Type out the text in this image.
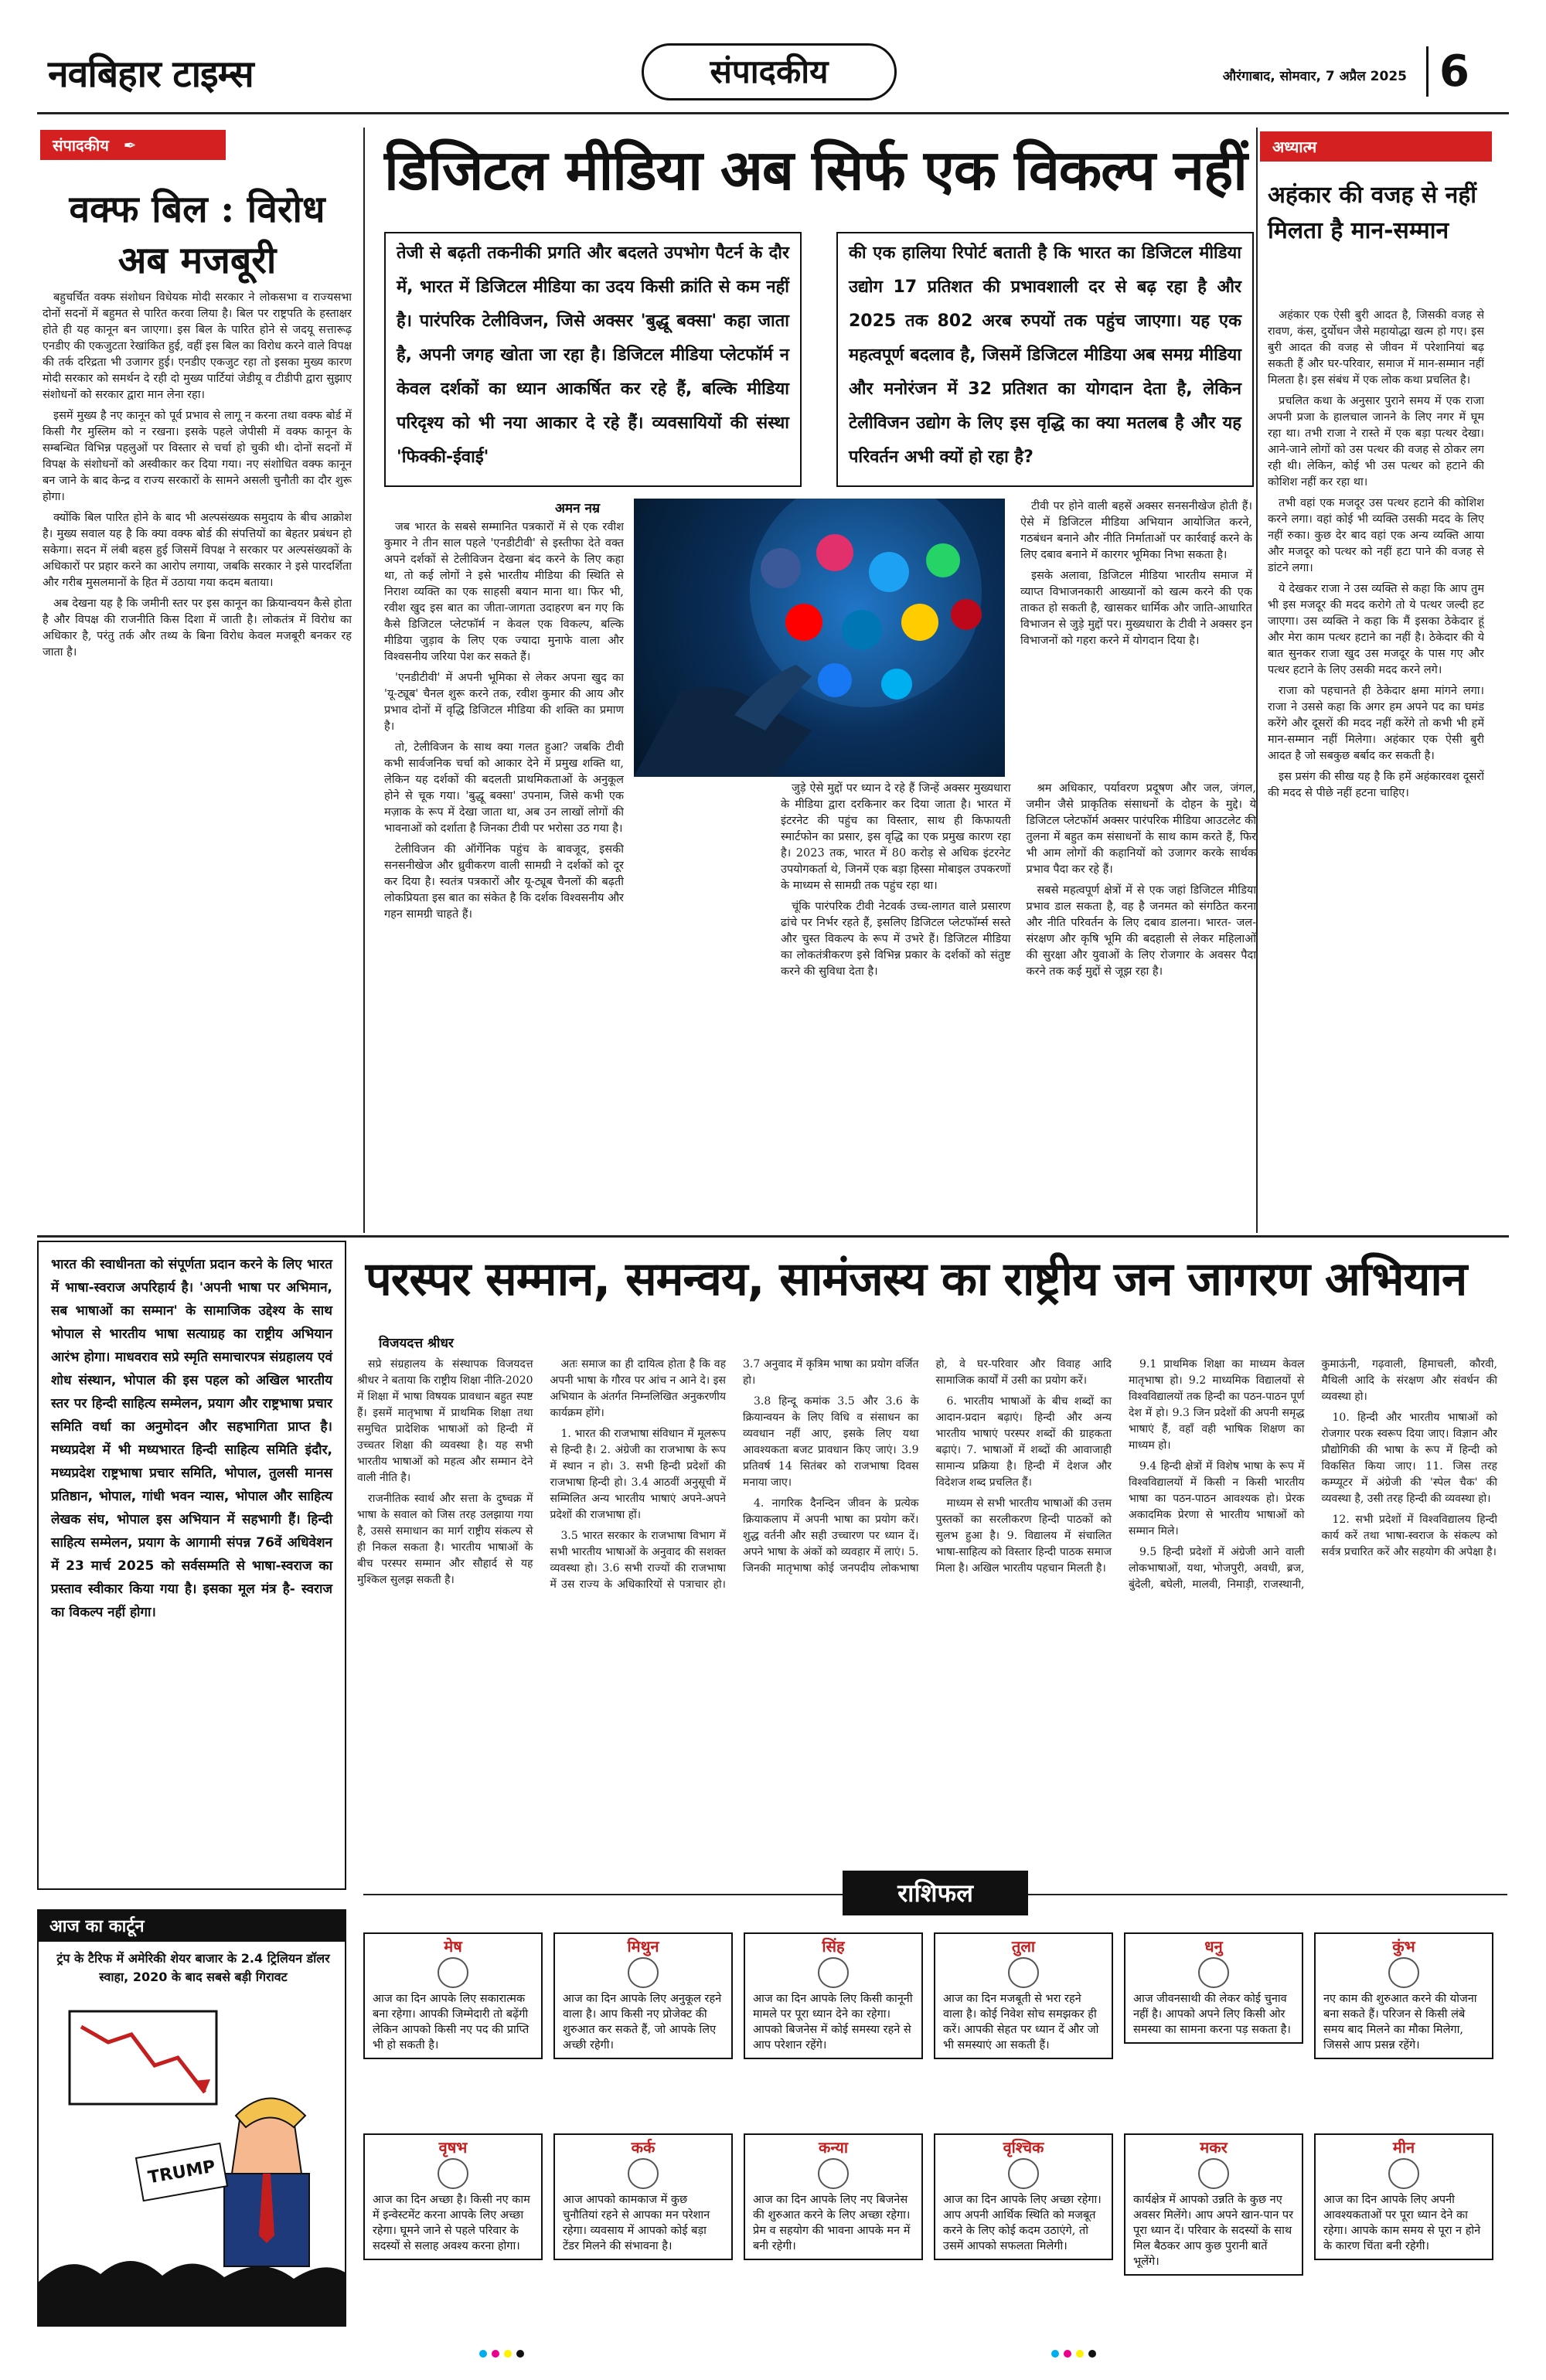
नवबिहार टाइम्स	संपादकीय	औरंगाबाद, सोमवार, 7 अप्रैल 2025 6
संपादकीय ✒
वक्फ बिल : विरोध अब मजबूरी

बहुचर्चित वक्फ संशोधन विधेयक मोदी सरकार ने लोकसभा व राज्यसभा दोनों सदनों में बहुमत से पारित करवा लिया है। बिल पर राष्ट्रपति के हस्ताक्षर होते ही यह कानून बन जाएगा। इस बिल के पारित होने से जदयू सत्तारूढ़ एनडीए की एकजुटता रेखांकित हुई, वहीं इस बिल का विरोध करने वाले विपक्ष की तर्क दरिद्रता भी उजागर हुई। एनडीए एकजुट रहा तो इसका मुख्य कारण मोदी सरकार को समर्थन दे रही दो मुख्य पार्टियां जेडीयू व टीडीपी द्वारा सुझाए संशोधनों को सरकार द्वारा मान लेना रहा।

इसमें मुख्य है नए कानून को पूर्व प्रभाव से लागू न करना तथा वक्फ बोर्ड में किसी गैर मुस्लिम को न रखना। इसके पहले जेपीसी में वक्फ कानून के सम्बन्धित विभिन्न पहलुओं पर विस्तार से चर्चा हो चुकी थी। दोनों सदनों में विपक्ष के संशोधनों को अस्वीकार कर दिया गया। नए संशोधित वक्फ कानून बन जाने के बाद केन्द्र व राज्य सरकारों के सामने असली चुनौती का दौर शुरू होगा।

क्योंकि बिल पारित होने के बाद भी अल्पसंख्यक समुदाय के बीच आक्रोश है। मुख्य सवाल यह है कि क्या वक्फ बोर्ड की संपत्तियों का बेहतर प्रबंधन हो सकेगा। सदन में लंबी बहस हुई जिसमें विपक्ष ने सरकार पर अल्पसंख्यकों के अधिकारों पर प्रहार करने का आरोप लगाया, जबकि सरकार ने इसे पारदर्शिता और गरीब मुसलमानों के हित में उठाया गया कदम बताया।

अब देखना यह है कि जमीनी स्तर पर इस कानून का क्रियान्वयन कैसे होता है और विपक्ष की राजनीति किस दिशा में जाती है। लोकतंत्र में विरोध का अधिकार है, परंतु तर्क और तथ्य के बिना विरोध केवल मजबूरी बनकर रह जाता है।

डिजिटल मीडिया अब सिर्फ एक विकल्प नहीं
तेजी से बढ़ती तकनीकी प्रगति और बदलते उपभोग पैटर्न के दौर में, भारत में डिजिटल मीडिया का उदय किसी क्रांति से कम नहीं है। पारंपरिक टेलीविजन, जिसे अक्सर 'बुद्धू बक्सा' कहा जाता है, अपनी जगह खोता जा रहा है। डिजिटल मीडिया प्लेटफॉर्म न केवल दर्शकों का ध्यान आकर्षित कर रहे हैं, बल्कि मीडिया परिदृश्य को भी नया आकार दे रहे हैं। व्यवसायियों की संस्था 'फिक्की-ईवाई'
की एक हालिया रिपोर्ट बताती है कि भारत का डिजिटल मीडिया उद्योग 17 प्रतिशत की प्रभावशाली दर से बढ़ रहा है और 2025 तक 802 अरब रुपयों तक पहुंच जाएगा। यह एक महत्वपूर्ण बदलाव है, जिसमें डिजिटल मीडिया अब समग्र मीडिया और मनोरंजन में 32 प्रतिशत का योगदान देता है, लेकिन टेलीविजन उद्योग के लिए इस वृद्धि का क्या मतलब है और यह परिवर्तन अभी क्यों हो रहा है?
अमन नम्र

जब भारत के सबसे सम्मानित पत्रकारों में से एक रवीश कुमार ने तीन साल पहले 'एनडीटीवी' से इस्तीफा देते वक्त अपने दर्शकों से टेलीविजन देखना बंद करने के लिए कहा था, तो कई लोगों ने इसे भारतीय मीडिया की स्थिति से निराश व्यक्ति का एक साहसी बयान माना था। फिर भी, रवीश खुद इस बात का जीता-जागता उदाहरण बन गए कि कैसे डिजिटल प्लेटफॉर्म न केवल एक विकल्प, बल्कि मीडिया जुड़ाव के लिए एक ज्यादा मुनाफे वाला और विश्वसनीय जरिया पेश कर सकते हैं।

'एनडीटीवी' में अपनी भूमिका से लेकर अपना खुद का 'यू-ट्यूब' चैनल शुरू करने तक, रवीश कुमार की आय और प्रभाव दोनों में वृद्धि डिजिटल मीडिया की शक्ति का प्रमाण है।

तो, टेलीविजन के साथ क्या गलत हुआ? जबकि टीवी कभी सार्वजनिक चर्चा को आकार देने में प्रमुख शक्ति था, लेकिन यह दर्शकों की बदलती प्राथमिकताओं के अनुकूल होने से चूक गया। 'बुद्धू बक्सा' उपनाम, जिसे कभी एक मज़ाक के रूप में देखा जाता था, अब उन लाखों लोगों की भावनाओं को दर्शाता है जिनका टीवी पर भरोसा उठ गया है।

टेलीविजन की ऑर्गेनिक पहुंच के बावजूद, इसकी सनसनीखेज और ध्रुवीकरण वाली सामग्री ने दर्शकों को दूर कर दिया है। स्वतंत्र पत्रकारों और यू-ट्यूब चैनलों की बढ़ती लोकप्रियता इस बात का संकेत है कि दर्शक विश्वसनीय और गहन सामग्री चाहते हैं।

टीवी पर होने वाली बहसें अक्सर सनसनीखेज होती हैं। ऐसे में डिजिटल मीडिया अभियान आयोजित करने, गठबंधन बनाने और नीति निर्माताओं पर कार्रवाई करने के लिए दबाव बनाने में कारगर भूमिका निभा सकता है।

इसके अलावा, डिजिटल मीडिया भारतीय समाज में व्याप्त विभाजनकारी आख्यानों को खत्म करने की एक ताकत हो सकती है, खासकर धार्मिक और जाति-आधारित विभाजन से जुड़े मुद्दों पर। मुख्यधारा के टीवी ने अक्सर इन विभाजनों को गहरा करने में योगदान दिया है।

जुड़े ऐसे मुद्दों पर ध्यान दे रहे हैं जिन्हें अक्सर मुख्यधारा के मीडिया द्वारा दरकिनार कर दिया जाता है। भारत में इंटरनेट की पहुंच का विस्तार, साथ ही किफायती स्मार्टफोन का प्रसार, इस वृद्धि का एक प्रमुख कारण रहा है। 2023 तक, भारत में 80 करोड़ से अधिक इंटरनेट उपयोगकर्ता थे, जिनमें एक बड़ा हिस्सा मोबाइल उपकरणों के माध्यम से सामग्री तक पहुंच रहा था।

चूंकि पारंपरिक टीवी नेटवर्क उच्च-लागत वाले प्रसारण ढांचे पर निर्भर रहते हैं, इसलिए डिजिटल प्लेटफॉर्म्स सस्ते और चुस्त विकल्प के रूप में उभरे हैं। डिजिटल मीडिया का लोकतंत्रीकरण इसे विभिन्न प्रकार के दर्शकों को संतुष्ट करने की सुविधा देता है।

श्रम अधिकार, पर्यावरण प्रदूषण और जल, जंगल, जमीन जैसे प्राकृतिक संसाधनों के दोहन के मुद्दे। ये डिजिटल प्लेटफॉर्म अक्सर पारंपरिक मीडिया आउटलेट की तुलना में बहुत कम संसाधनों के साथ काम करते हैं, फिर भी आम लोगों की कहानियों को उजागर करके सार्थक प्रभाव पैदा कर रहे हैं।

सबसे महत्वपूर्ण क्षेत्रों में से एक जहां डिजिटल मीडिया प्रभाव डाल सकता है, वह है जनमत को संगठित करना और नीति परिवर्तन के लिए दबाव डालना। भारत- जल-संरक्षण और कृषि भूमि की बदहाली से लेकर महिलाओं की सुरक्षा और युवाओं के लिए रोजगार के अवसर पैदा करने तक कई मुद्दों से जूझ रहा है।

अध्यात्म
अहंकार की वजह से नहीं मिलता है मान-सम्मान

अहंकार एक ऐसी बुरी आदत है, जिसकी वजह से रावण, कंस, दुर्योधन जैसे महायोद्धा खत्म हो गए। इस बुरी आदत की वजह से जीवन में परेशानियां बढ़ सकती हैं और घर-परिवार, समाज में मान-सम्मान नहीं मिलता है। इस संबंध में एक लोक कथा प्रचलित है।

प्रचलित कथा के अनुसार पुराने समय में एक राजा अपनी प्रजा के हालचाल जानने के लिए नगर में घूम रहा था। तभी राजा ने रास्ते में एक बड़ा पत्थर देखा। आने-जाने लोगों को उस पत्थर की वजह से ठोकर लग रही थी। लेकिन, कोई भी उस पत्थर को हटाने की कोशिश नहीं कर रहा था।

तभी वहां एक मजदूर उस पत्थर हटाने की कोशिश करने लगा। वहां कोई भी व्यक्ति उसकी मदद के लिए नहीं रुका। कुछ देर बाद वहां एक अन्य व्यक्ति आया और मजदूर को पत्थर को नहीं हटा पाने की वजह से डांटने लगा।

ये देखकर राजा ने उस व्यक्ति से कहा कि आप तुम भी इस मजदूर की मदद करोगे तो ये पत्थर जल्दी हट जाएगा। उस व्यक्ति ने कहा कि मैं इसका ठेकेदार हूं और मेरा काम पत्थर हटाने का नहीं है। ठेकेदार की ये बात सुनकर राजा खुद उस मजदूर के पास गए और पत्थर हटाने के लिए उसकी मदद करने लगे।

राजा को पहचानते ही ठेकेदार क्षमा मांगने लगा। राजा ने उससे कहा कि अगर हम अपने पद का घमंड करेंगे और दूसरों की मदद नहीं करेंगे तो कभी भी हमें मान-सम्मान नहीं मिलेगा। अहंकार एक ऐसी बुरी आदत है जो सबकुछ बर्बाद कर सकती है।

इस प्रसंग की सीख यह है कि हमें अहंकारवश दूसरों की मदद से पीछे नहीं हटना चाहिए।

भारत की स्वाधीनता को संपूर्णता प्रदान करने के लिए भारत में भाषा-स्वराज अपरिहार्य है। 'अपनी भाषा पर अभिमान, सब भाषाओं का सम्मान' के सामाजिक उद्देश्य के साथ भोपाल से भारतीय भाषा सत्याग्रह का राष्ट्रीय अभियान आरंभ होगा। माधवराव सप्रे स्मृति समाचारपत्र संग्रहालय एवं शोध संस्थान, भोपाल की इस पहल को अखिल भारतीय स्तर पर हिन्दी साहित्य सम्मेलन, प्रयाग और राष्ट्रभाषा प्रचार समिति वर्धा का अनुमोदन और सहभागिता प्राप्त है। मध्यप्रदेश में भी मध्यभारत हिन्दी साहित्य समिति इंदौर, मध्यप्रदेश राष्ट्रभाषा प्रचार समिति, भोपाल, तुलसी मानस प्रतिष्ठान, भोपाल, गांधी भवन न्यास, भोपाल और साहित्य लेखक संघ, भोपाल इस अभियान में सहभागी हैं। हिन्दी साहित्य सम्मेलन, प्रयाग के आगामी संपन्न 76वें अधिवेशन में 23 मार्च 2025 को सर्वसम्मति से भाषा-स्वराज का प्रस्ताव स्वीकार किया गया है। इसका मूल मंत्र है- स्वराज का विकल्प नहीं होगा।
परस्पर सम्मान, समन्वय, सामंजस्य का राष्ट्रीय जन जागरण अभियान
विजयदत्त श्रीधर

सप्रे संग्रहालय के संस्थापक विजयदत्त श्रीधर ने बताया कि राष्ट्रीय शिक्षा नीति-2020 में शिक्षा में भाषा विषयक प्रावधान बहुत स्पष्ट हैं। इसमें मातृभाषा में प्राथमिक शिक्षा तथा समुचित प्रादेशिक भाषाओं को हिन्दी में उच्चतर शिक्षा की व्यवस्था है। यह सभी भारतीय भाषाओं को महत्व और सम्मान देने वाली नीति है।

राजनीतिक स्वार्थ और सत्ता के दुष्चक्र में भाषा के सवाल को जिस तरह उलझाया गया है, उससे समाधान का मार्ग राष्ट्रीय संकल्प से ही निकल सकता है। भारतीय भाषाओं के बीच परस्पर सम्मान और सौहार्द से यह मुश्किल सुलझ सकती है।

अतः समाज का ही दायित्व होता है कि वह अपनी भाषा के गौरव पर आंच न आने दे। इस अभियान के अंतर्गत निम्नलिखित अनुकरणीय कार्यक्रम होंगे।

1. भारत की राजभाषा संविधान में मूलरूप से हिन्दी है। 2. अंग्रेजी का राजभाषा के रूप में स्थान न हो। 3. सभी हिन्दी प्रदेशों की राजभाषा हिन्दी हो। 3.4 आठवीं अनुसूची में सम्मिलित अन्य भारतीय भाषाएं अपने-अपने प्रदेशों की राजभाषा हों।

3.5 भारत सरकार के राजभाषा विभाग में सभी भारतीय भाषाओं के अनुवाद की सशक्त व्यवस्था हो। 3.6 सभी राज्यों की राजभाषा में उस राज्य के अधिकारियों से पत्राचार हो। 3.7 अनुवाद में कृत्रिम भाषा का प्रयोग वर्जित हो।

3.8 हिन्दू कमांक 3.5 और 3.6 के क्रियान्वयन के लिए विधि व संसाधन का व्यवधान नहीं आए, इसके लिए यथा आवश्यकता बजट प्रावधान किए जाएं। 3.9 प्रतिवर्ष 14 सितंबर को राजभाषा दिवस मनाया जाए।

4. नागरिक दैनन्दिन जीवन के प्रत्येक क्रियाकलाप में अपनी भाषा का प्रयोग करें। शुद्ध वर्तनी और सही उच्चारण पर ध्यान दें। अपने भाषा के अंकों को व्यवहार में लाएं। 5. जिनकी मातृभाषा कोई जनपदीय लोकभाषा हो, वे घर-परिवार और विवाह आदि सामाजिक कार्यों में उसी का प्रयोग करें।

6. भारतीय भाषाओं के बीच शब्दों का आदान-प्रदान बढ़ाएं। हिन्दी और अन्य भारतीय भाषाएं परस्पर शब्दों की ग्राहकता बढ़ाएं। 7. भाषाओं में शब्दों की आवाजाही सामान्य प्रक्रिया है। हिन्दी में देशज और विदेशज शब्द प्रचलित हैं।

माध्यम से सभी भारतीय भाषाओं की उत्तम पुस्तकों का सरलीकरण हिन्दी पाठकों को सुलभ हुआ है। 9. विद्यालय में संचालित भाषा-साहित्य को विस्तार हिन्दी पाठक समाज मिला है। अखिल भारतीय पहचान मिलती है।

9.1 प्राथमिक शिक्षा का माध्यम केवल मातृभाषा हो। 9.2 माध्यमिक विद्यालयों से विश्वविद्यालयों तक हिन्दी का पठन-पाठन पूर्ण देश में हो। 9.3 जिन प्रदेशों की अपनी समृद्ध भाषाएं हैं, वहाँ वही भाषिक शिक्षण का माध्यम हो।

9.4 हिन्दी क्षेत्रों में विशेष भाषा के रूप में विश्वविद्यालयों में किसी न किसी भारतीय भाषा का पठन-पाठन आवश्यक हो। प्रेरक अकादमिक प्रेरणा से भारतीय भाषाओं को सम्मान मिले।

9.5 हिन्दी प्रदेशों में अंग्रेजी आने वाली लोकभाषाओं, यथा, भोजपुरी, अवधी, ब्रज, बुंदेली, बघेली, मालवी, निमाड़ी, राजस्थानी, कुमाऊंनी, गढ़वाली, हिमाचली, कौरवी, मैथिली आदि के संरक्षण और संवर्धन की व्यवस्था हो।

10. हिन्दी और भारतीय भाषाओं को रोजगार परक स्वरूप दिया जाए। विज्ञान और प्रौद्योगिकी की भाषा के रूप में हिन्दी को विकसित किया जाए। 11. जिस तरह कम्प्यूटर में अंग्रेजी की 'स्पेल चैक' की व्यवस्था है, उसी तरह हिन्दी की व्यवस्था हो।

12. सभी प्रदेशों में विश्वविद्यालय हिन्दी कार्य करें तथा भाषा-स्वराज के संकल्प को सर्वत्र प्रचारित करें और सहयोग की अपेक्षा है।

आज का कार्टून
ट्रंप के टैरिफ में अमेरिकी शेयर बाजार के 2.4 ट्रिलियन डॉलर स्वाहा, 2020 के बाद सबसे बड़ी गिरावट
TRUMP
राशिफल
मेष
आज का दिन आपके लिए सकारात्मक बना रहेगा। आपकी जिम्मेदारी तो बढ़ेंगी लेकिन आपको किसी नए पद की प्राप्ति भी हो सकती है।
मिथुन
आज का दिन आपके लिए अनुकूल रहने वाला है। आप किसी नए प्रोजेक्ट की शुरुआत कर सकते हैं, जो आपके लिए अच्छी रहेगी।
सिंह
आज का दिन आपके लिए किसी कानूनी मामले पर पूरा ध्यान देने का रहेगा। आपको बिजनेस में कोई समस्या रहने से आप परेशान रहेंगे।
तुला
आज का दिन मजबूती से भरा रहने वाला है। कोई निवेश सोच समझकर ही करें। आपकी सेहत पर ध्यान दें और जो भी समस्याएं आ सकती हैं।
धनु
आज जीवनसाथी की लेकर कोई चुनाव नहीं है। आपको अपने लिए किसी ओर समस्या का सामना करना पड़ सकता है।
कुंभ
नए काम की शुरुआत करने की योजना बना सकते हैं। परिजन से किसी लंबे समय बाद मिलने का मौका मिलेगा, जिससे आप प्रसन्न रहेंगे।
वृषभ
आज का दिन अच्छा है। किसी नए काम में इन्वेस्टमेंट करना आपके लिए अच्छा रहेगा। घूमने जाने से पहले परिवार के सदस्यों से सलाह अवश्य करना होगा।
कर्क
आज आपको कामकाज में कुछ चुनौतियां रहने से आपका मन परेशान रहेगा। व्यवसाय में आपको कोई बड़ा टेंडर मिलने की संभावना है।
कन्या
आज का दिन आपके लिए नए बिजनेस की शुरुआत करने के लिए अच्छा रहेगा। प्रेम व सहयोग की भावना आपके मन में बनी रहेगी।
वृश्चिक
आज का दिन आपके लिए अच्छा रहेगा। आप अपनी आर्थिक स्थिति को मजबूत करने के लिए कोई कदम उठाएंगे, तो उसमें आपको सफलता मिलेगी।
मकर
कार्यक्षेत्र में आपको उन्नति के कुछ नए अवसर मिलेंगे। आप अपने खान-पान पर पूरा ध्यान दें। परिवार के सदस्यों के साथ मिल बैठकर आप कुछ पुरानी बातें भूलेंगे।
मीन
आज का दिन आपके लिए अपनी आवश्यकताओं पर पूरा ध्यान देने का रहेगा। आपके काम समय से पूरा न होने के कारण चिंता बनी रहेगी।
